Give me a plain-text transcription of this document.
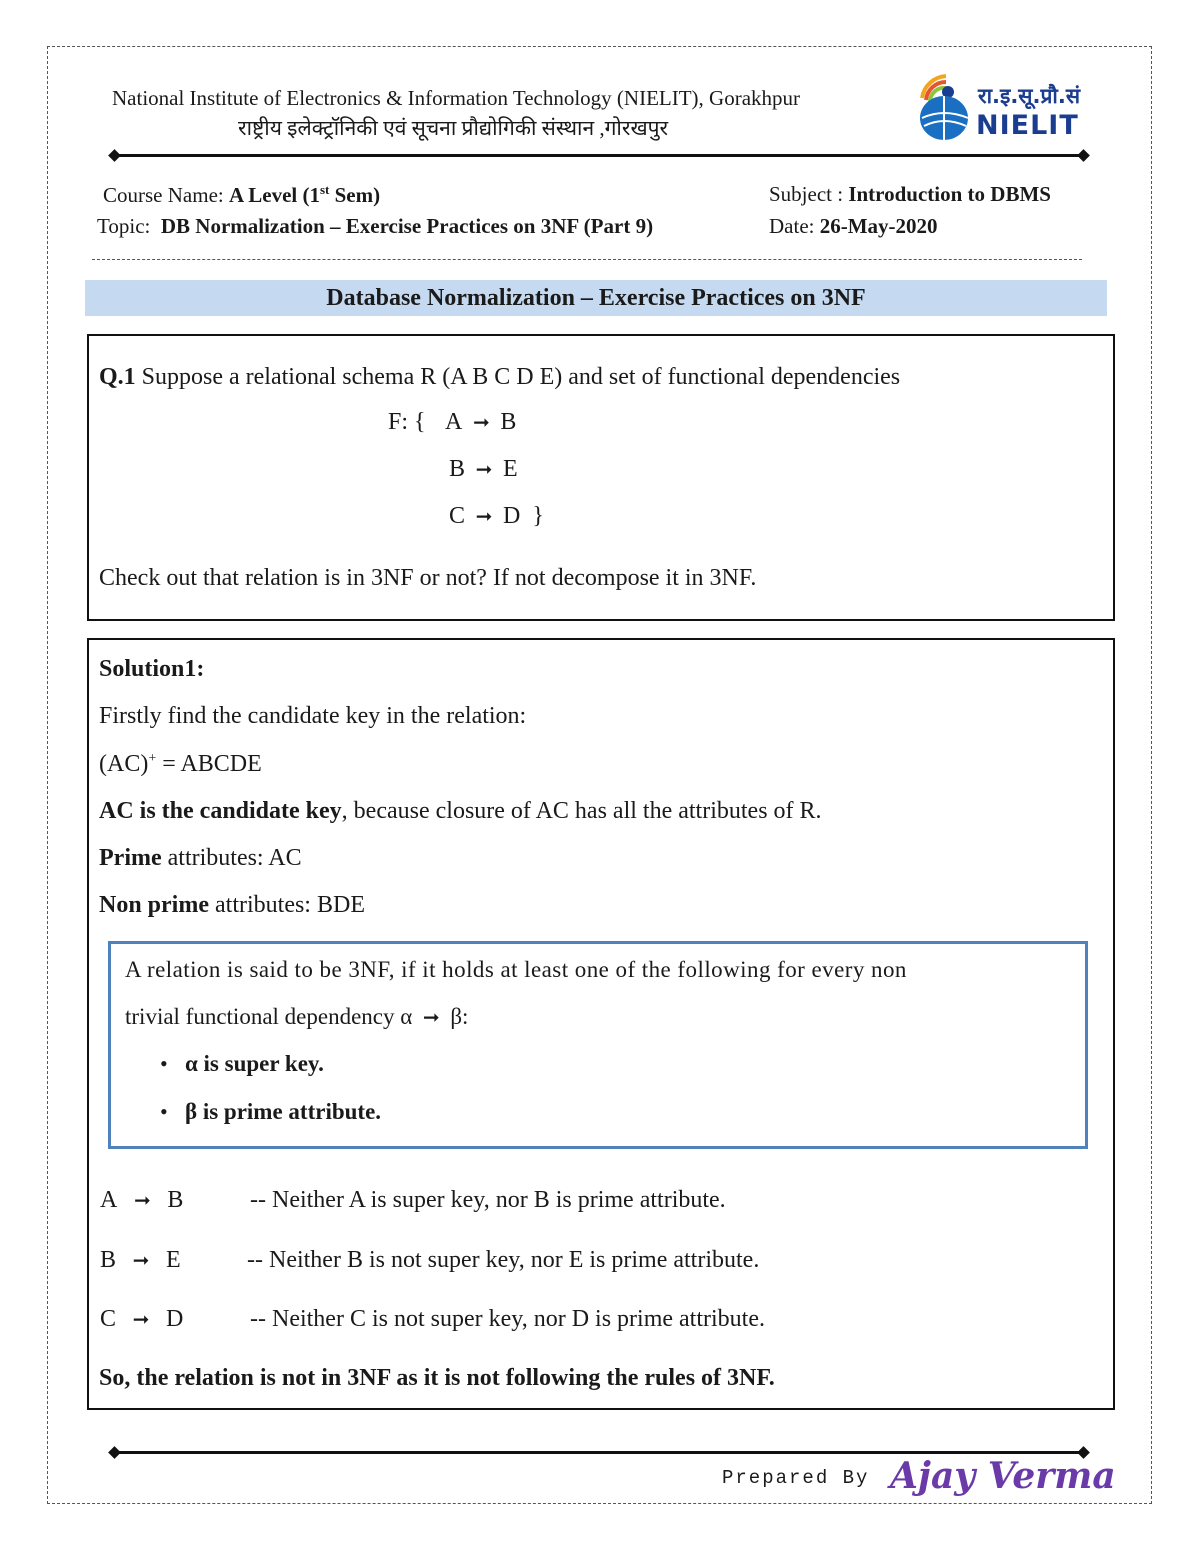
National Institute of Electronics & Information Technology (NIELIT), Gorakhpur
राष्ट्रीय इलेक्ट्रॉनिकी एवं सूचना प्रौद्योगिकी संस्थान ,गोरखपुर
रा.इ.सू.प्रौ.सं
NIELIT
Course Name: A Level (1st Sem)	Subject : Introduction to DBMS
Topic: DB Normalization – Exercise Practices on 3NF (Part 9)	Date: 26-May-2020
Database Normalization – Exercise Practices on 3NF
Q.1 Suppose a relational schema R (A B C D E) and set of functional dependencies
F: { A ➞ B
B ➞ E
C ➞ D  }
Check out that relation is in 3NF or not? If not decompose it in 3NF.
Solution1:
Firstly find the candidate key in the relation:
(AC)+ = ABCDE
AC is the candidate key, because closure of AC has all the attributes of R.
Prime attributes: AC
Non prime attributes: BDE
A relation is said to be 3NF, if it holds at least one of the following for every non
trivial functional dependency α ➞ β:
• α is super key.
• β is prime attribute.
A ➞ B	-- Neither A is super key, nor B is prime attribute.
B ➞ E	-- Neither B is not super key, nor E is prime attribute.
C ➞ D	-- Neither C is not super key, nor D is prime attribute.
So, the relation is not in 3NF as it is not following the rules of 3NF.
Prepared By Ajay Verma
